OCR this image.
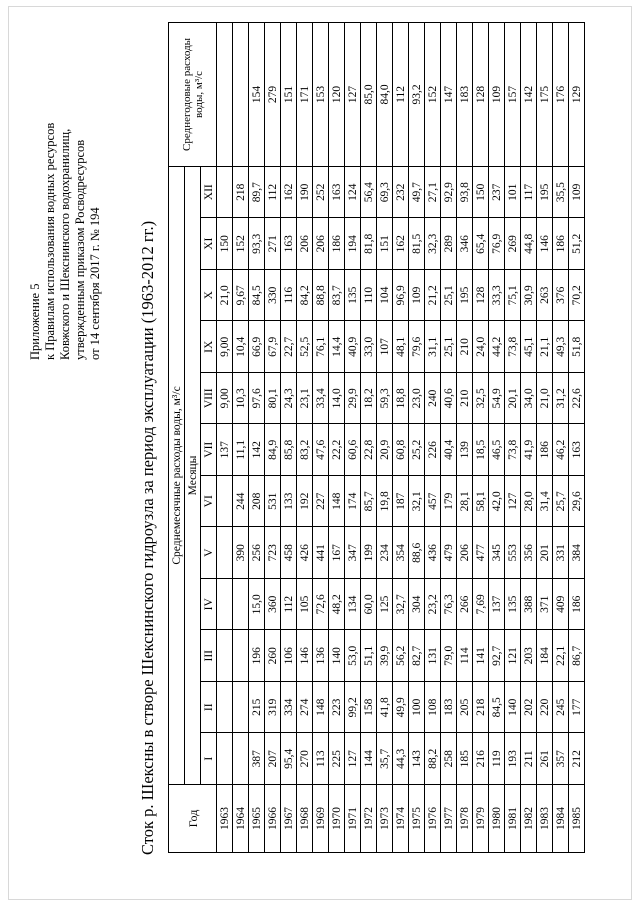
Приложение 5 к Правилам использования водных ресурсов Ковжского и Шекснинского водохранилищ, утвержденным приказом Росводресурсов от 14 сентября 2017 г. № 194 Сток р. Шексны в створе Шекснинского гидроузла за период эксплуатации (1963-2012 гг.) Год	Среднемесячные расходы воды, м³/с												Среднегодовые расходы воды, м³/с
	Месяцы												
	I	II	III	IV	V	VI	VII	VIII	IX	X	XI	XII	
1963							137	9,00	9,00	21,0	150		
1964					390	244	11,1	10,3	10,4	9,67	152	218	
1965	387	215	196	15,0	256	208	142	97,6	66,9	84,5	93,3	89,7	154
1966	207	319	260	360	723	531	84,9	80,1	67,9	330	271	112	279
1967	95,4	334	106	112	458	133	85,8	24,3	22,7	116	163	162	151
1968	270	274	146	105	426	192	83,2	23,1	52,5	84,2	206	190	171
1969	113	148	136	72,6	441	227	47,6	33,4	76,1	88,8	206	252	153
1970	225	223	140	48,2	167	148	22,2	14,0	14,4	83,7	186	163	120
1971	127	99,2	53,0	134	347	174	60,6	29,9	40,9	135	194	124	127
1972	144	158	51,1	60,0	199	85,7	22,8	18,2	33,0	110	81,8	56,4	85,0
1973	35,7	41,8	39,9	125	234	19,8	20,9	59,3	107	104	151	69,3	84,0
1974	44,3	49,9	56,2	32,7	354	187	60,8	18,8	48,1	96,9	162	232	112
1975	143	100	82,7	304	88,6	32,1	25,2	23,0	79,6	109	81,5	49,7	93,2
1976	88,2	108	131	23,2	436	457	226	240	31,1	21,2	32,3	27,1	152
1977	258	183	79,0	76,3	479	179	40,4	40,6	25,1	25,1	289	92,9	147
1978	185	205	114	266	206	28,1	139	210	210	195	346	93,8	183
1979	216	218	141	7,69	477	58,1	18,5	32,5	24,0	128	65,4	150	128
1980	119	84,5	92,7	137	345	42,0	46,5	54,9	44,2	33,3	76,9	237	109
1981	193	140	121	135	553	127	73,8	20,1	73,8	75,1	269	101	157
1982	211	202	203	388	356	28,0	41,9	34,0	45,1	30,9	44,8	117	142
1983	261	220	184	371	201	31,4	186	21,0	21,1	263	146	195	175
1984	357	245	22,1	409	331	25,7	46,2	31,2	49,3	376	186	35,5	176
1985	212	177	86,7	186	384	29,6	163	22,6	51,8	70,2	51,2	109	129
